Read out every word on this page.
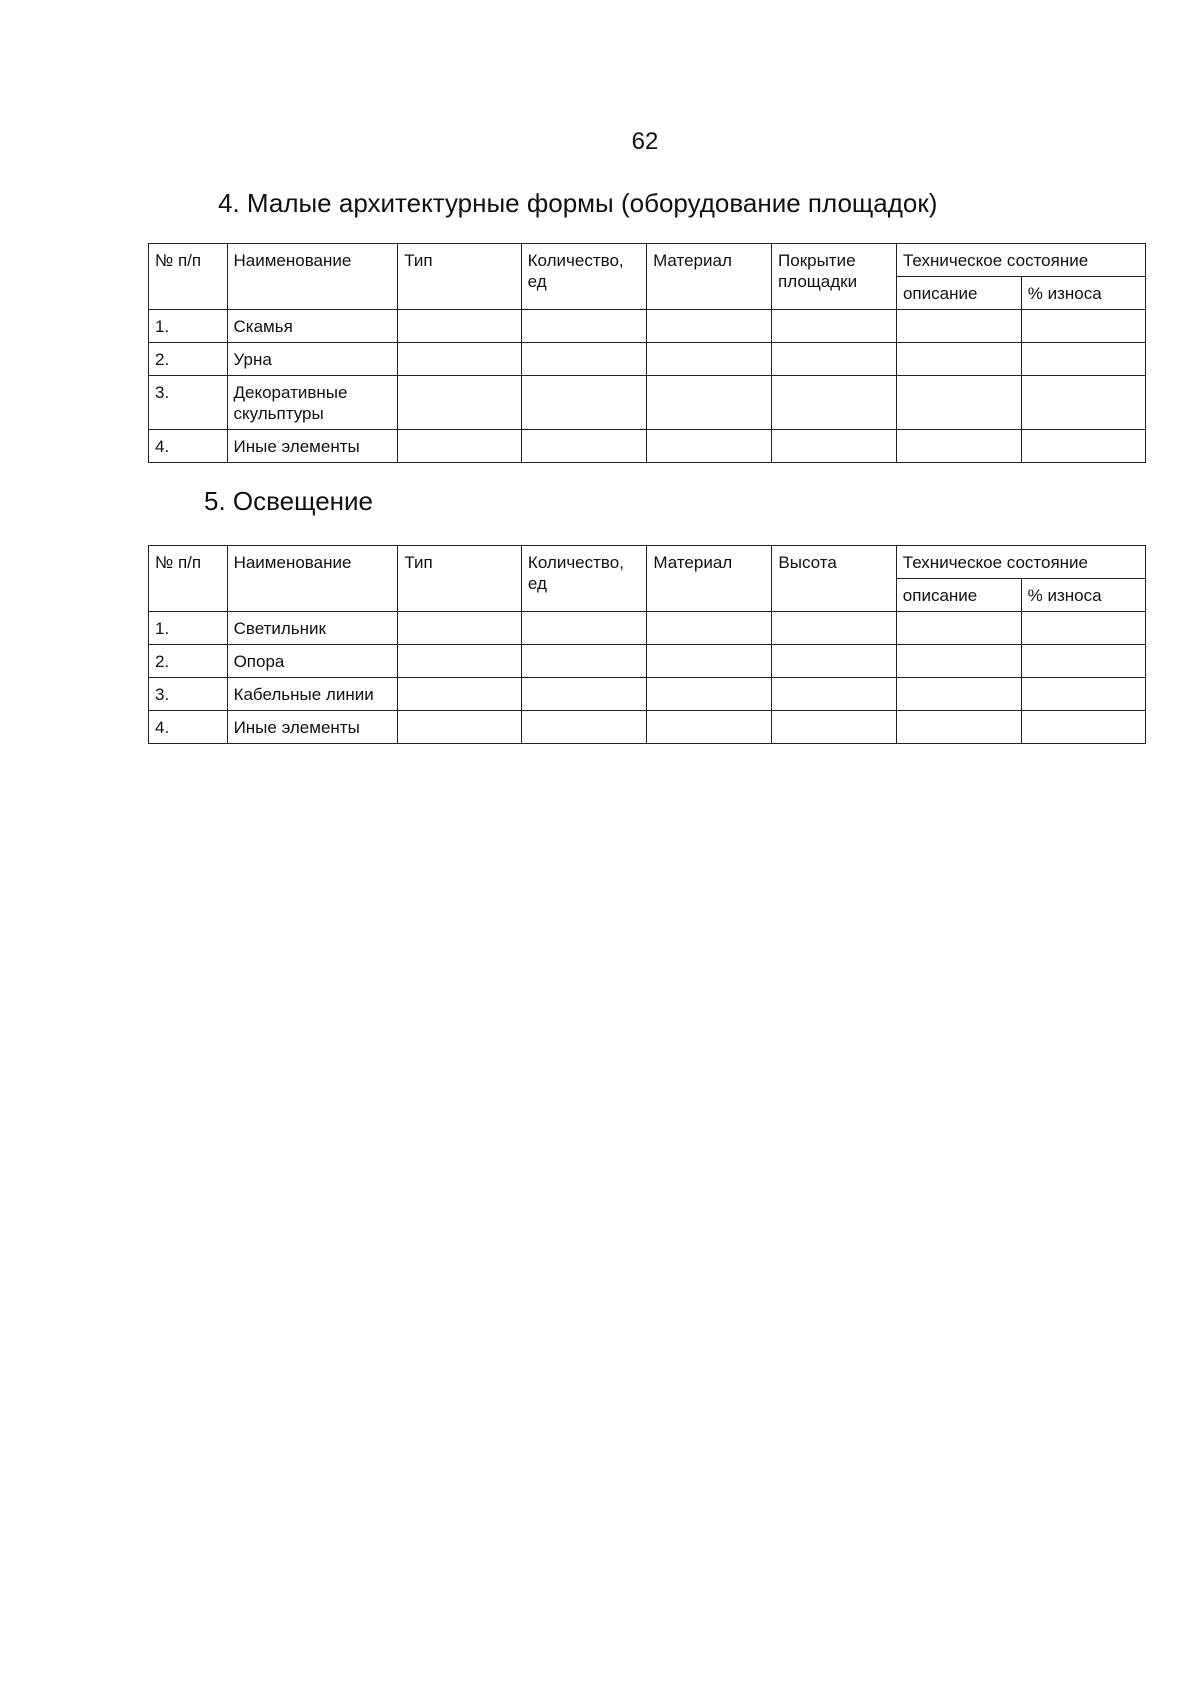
62
4. Малые архитектурные формы (оборудование площадок)
№ п/п	Наименование	Тип	Количество, ед	Материал	Покрытие площадки	Техническое состояние	
						описание	% износа
1.	Скамья						
2.	Урна						
3.	Декоративные скульптуры						
4.	Иные элементы						
5. Освещение
№ п/п	Наименование	Тип	Количество, ед	Материал	Высота	Техническое состояние	
						описание	% износа
1.	Светильник						
2.	Опора						
3.	Кабельные линии						
4.	Иные элементы						
